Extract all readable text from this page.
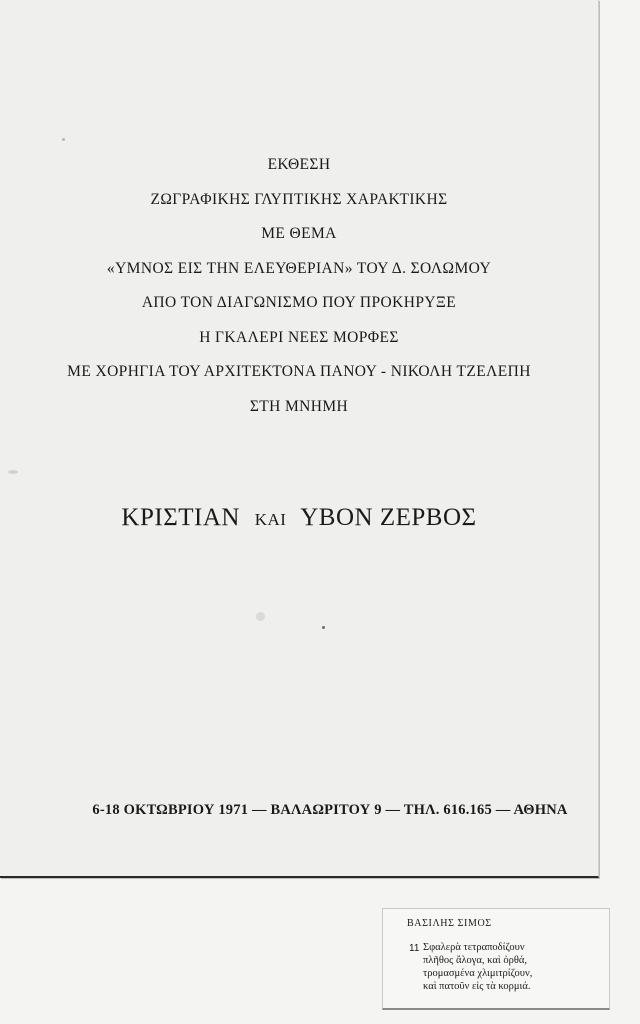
ΕΚΘΕΣΗ
ΖΩΓΡΑΦΙΚΗΣ ΓΛΥΠΤΙΚΗΣ ΧΑΡΑΚΤΙΚΗΣ
ΜΕ ΘΕΜΑ
«ΥΜΝΟΣ ΕΙΣ ΤΗΝ ΕΛΕΥΘΕΡΙΑΝ» ΤΟΥ Δ. ΣΟΛΩΜΟΥ
ΑΠΟ ΤΟΝ ΔΙΑΓΩΝΙΣΜΟ ΠΟΥ ΠΡΟΚΗΡΥΞΕ
Η ΓΚΑΛΕΡΙ ΝΕΕΣ ΜΟΡΦΕΣ
ΜΕ ΧΟΡΗΓΙΑ ΤΟΥ ΑΡΧΙΤΕΚΤΟΝΑ ΠΑΝΟΥ - ΝΙΚΟΛΗ ΤΖΕΛΕΠΗ
ΣΤΗ ΜΝΗΜΗ
ΚΡΙΣΤΙΑΝ ΚΑΙ ΥΒΟΝ ΖΕΡΒΟΣ
6-18 ΟΚΤΩΒΡΙΟΥ 1971 — ΒΑΛΑΩΡΙΤΟΥ 9 — ΤΗΛ. 616.165 — ΑΘΗΝΑ
ΒΑΣΙΛΗΣ ΣΙΜΟΣ
11 Σφαλερὰ τετραποδίζουν
πλῆθος ἄλογα, καὶ ὀρθά,
τρομασμένα χλιμιτρίζουν,
καὶ πατοῦν εἰς τὰ κορμιά.
